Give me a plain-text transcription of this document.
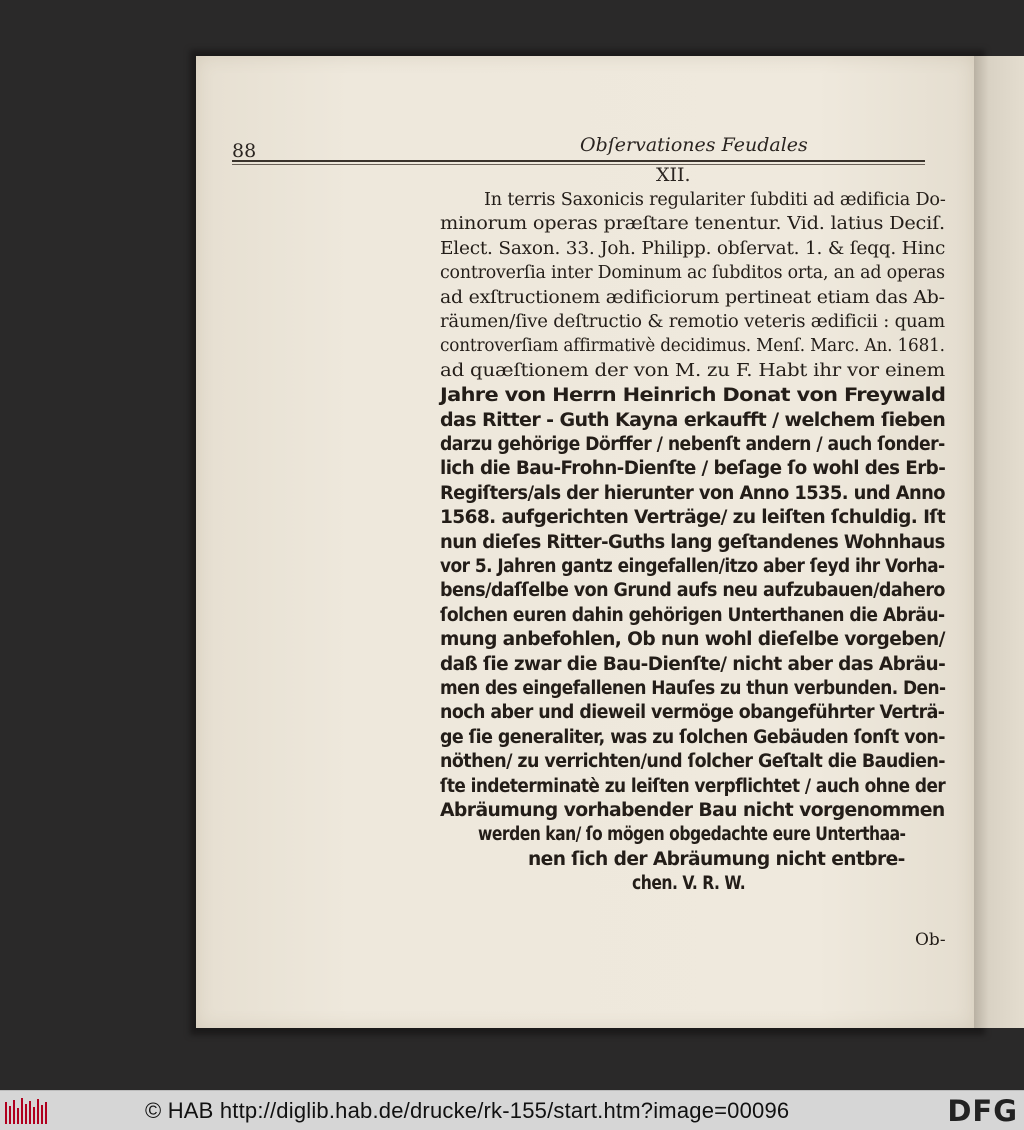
88	Obſervationes Feudales
XII.
In terris Saxonicis regulariter ſubditi ad ædificia Do-
minorum operas præſtare tenentur. Vid. latius Deciſ.
Elect. Saxon. 33. Joh. Philipp. obſervat. 1. & ſeqq. Hinc
controverſia inter Dominum ac ſubditos orta, an ad operas
ad exſtructionem ædificiorum pertineat etiam das Ab-
räumen/ſive deſtructio & remotio veteris ædificii : quam
controverſiam affirmativè decidimus. Menſ. Marc. An. 1681.
ad quæſtionem der von M. zu F. Habt ihr vor einem
Jahre von Herrn Heinrich Donat von Freywald
das Ritter - Guth Kayna erkaufft / welchem ſieben
darzu gehörige Dörffer / nebenſt andern / auch ſonder-
lich die Bau-Frohn-Dienſte / beſage ſo wohl des Erb-
Regiſters/als der hierunter von Anno 1535. und Anno
1568. aufgerichten Verträge/ zu leiſten ſchuldig. Iſt
nun dieſes Ritter-Guths lang geſtandenes Wohnhaus
vor 5. Jahren gantz eingefallen/itzo aber ſeyd ihr Vorha-
bens/daſſelbe von Grund aufs neu aufzubauen/dahero
ſolchen euren dahin gehörigen Unterthanen die Abräu-
mung anbefohlen, Ob nun wohl dieſelbe vorgeben/
daß ſie zwar die Bau-Dienſte/ nicht aber das Abräu-
men des eingefallenen Hauſes zu thun verbunden. Den-
noch aber und dieweil vermöge obangeführter Verträ-
ge ſie generaliter, was zu ſolchen Gebäuden ſonſt von-
nöthen/ zu verrichten/und ſolcher Geſtalt die Baudien-
ſte indeterminatè zu leiſten verpflichtet / auch ohne der
Abräumung vorhabender Bau nicht vorgenommen
werden kan/ ſo mögen obgedachte eure Unterthaa-
nen ſich der Abräumung nicht entbre-
chen. V. R. W.
Ob-
© HAB http://diglib.hab.de/drucke/rk-155/start.htm?image=00096	DFG
